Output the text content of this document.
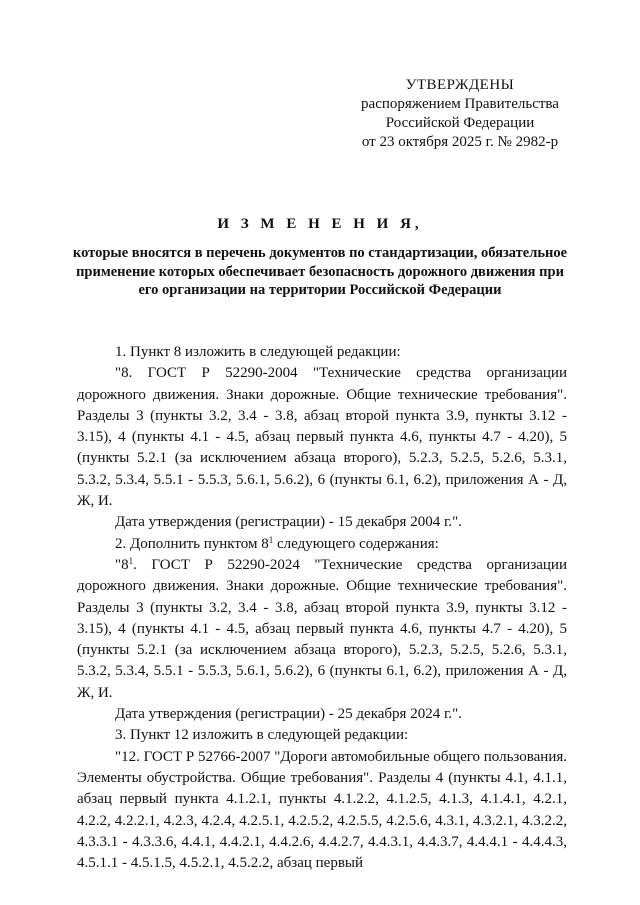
УТВЕРЖДЕНЫ
распоряжением Правительства
Российской Федерации
от 23 октября 2025 г. № 2982-р
И З М Е Н Е Н И Я,
которые вносятся в перечень документов по стандартизации, обязательное применение которых обеспечивает безопасность дорожного движения при его организации на территории Российской Федерации

1. Пункт 8 изложить в следующей редакции:

"8. ГОСТ Р 52290-2004 "Технические средства организации дорожного движения. Знаки дорожные. Общие технические требования". Разделы 3 (пункты 3.2, 3.4 - 3.8, абзац второй пункта 3.9, пункты 3.12 - 3.15), 4 (пункты 4.1 - 4.5, абзац первый пункта 4.6, пункты 4.7 - 4.20), 5 (пункты 5.2.1 (за исключением абзаца второго), 5.2.3, 5.2.5, 5.2.6, 5.3.1, 5.3.2, 5.3.4, 5.5.1 - 5.5.3, 5.6.1, 5.6.2), 6 (пункты 6.1, 6.2), приложения А - Д, Ж, И.

Дата утверждения (регистрации) - 15 декабря 2004 г.".

2. Дополнить пунктом $8^1$ следующего содержания:

"$8^1$. ГОСТ Р 52290-2024 "Технические средства организации дорожного движения. Знаки дорожные. Общие технические требования". Разделы 3 (пункты 3.2, 3.4 - 3.8, абзац второй пункта 3.9, пункты 3.12 - 3.15), 4 (пункты 4.1 - 4.5, абзац первый пункта 4.6, пункты 4.7 - 4.20), 5 (пункты 5.2.1 (за исключением абзаца второго), 5.2.3, 5.2.5, 5.2.6, 5.3.1, 5.3.2, 5.3.4, 5.5.1 - 5.5.3, 5.6.1, 5.6.2), 6 (пункты 6.1, 6.2), приложения А - Д, Ж, И.

Дата утверждения (регистрации) - 25 декабря 2024 г.".

3. Пункт 12 изложить в следующей редакции:

"12. ГОСТ Р 52766-2007 "Дороги автомобильные общего пользования. Элементы обустройства. Общие требования". Разделы 4 (пункты 4.1, 4.1.1, абзац первый пункта 4.1.2.1, пункты 4.1.2.2, 4.1.2.5, 4.1.3, 4.1.4.1, 4.2.1, 4.2.2, 4.2.2.1, 4.2.3, 4.2.4, 4.2.5.1, 4.2.5.2, 4.2.5.5, 4.2.5.6, 4.3.1, 4.3.2.1, 4.3.2.2, 4.3.3.1 - 4.3.3.6, 4.4.1, 4.4.2.1, 4.4.2.6, 4.4.2.7, 4.4.3.1, 4.4.3.7, 4.4.4.1 - 4.4.4.3, 4.5.1.1 - 4.5.1.5, 4.5.2.1, 4.5.2.2, абзац первый
